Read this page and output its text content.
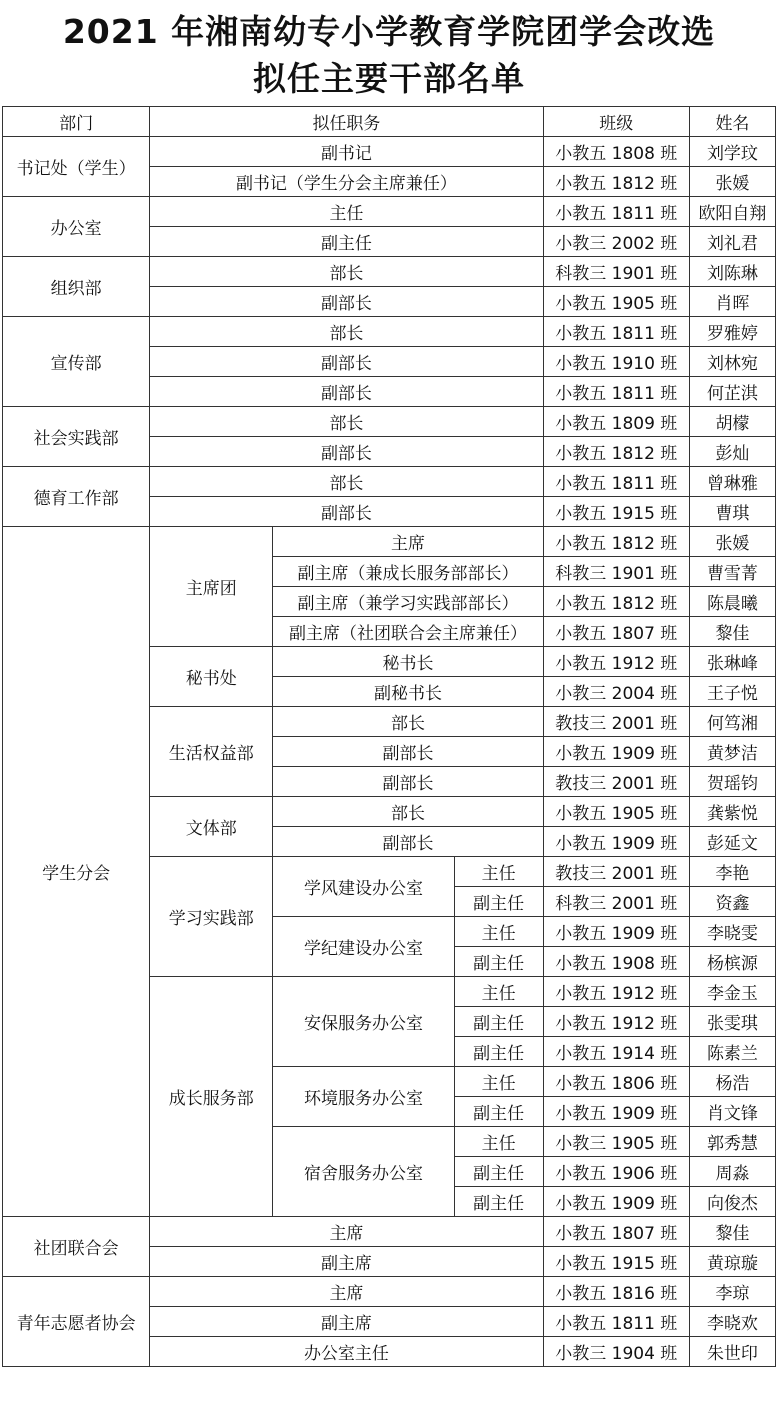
2021 年湘南幼专小学教育学院团学会改选
拟任主要干部名单
部门	拟任职务			班级	姓名
书记处（学生）	副书记			小教五 1808 班	刘学玟
	副书记（学生分会主席兼任）			小教五 1812 班	张媛
办公室	主任			小教五 1811 班	欧阳自翔
	副主任			小教三 2002 班	刘礼君
组织部	部长			科教三 1901 班	刘陈琳
	副部长			小教五 1905 班	肖晖
宣传部	部长			小教五 1811 班	罗雅婷
	副部长			小教五 1910 班	刘林宛
	副部长			小教五 1811 班	何芷淇
社会实践部	部长			小教五 1809 班	胡檬
	副部长			小教五 1812 班	彭灿
德育工作部	部长			小教五 1811 班	曾琳雅
	副部长			小教五 1915 班	曹琪
学生分会	主席团	主席		小教五 1812 班	张媛
		副主席（兼成长服务部部长）		科教三 1901 班	曹雪菁
		副主席（兼学习实践部部长）		小教五 1812 班	陈晨曦
		副主席（社团联合会主席兼任）		小教五 1807 班	黎佳
	秘书处	秘书长		小教五 1912 班	张琳峰
		副秘书长		小教三 2004 班	王子悦
	生活权益部	部长		教技三 2001 班	何笃湘
		副部长		小教五 1909 班	黄梦洁
		副部长		教技三 2001 班	贺瑶钧
	文体部	部长		小教五 1905 班	龚紫悦
		副部长		小教五 1909 班	彭延文
	学习实践部	学风建设办公室	主任	教技三 2001 班	李艳
			副主任	科教三 2001 班	资鑫
		学纪建设办公室	主任	小教五 1909 班	李晓雯
			副主任	小教五 1908 班	杨槟源
	成长服务部	安保服务办公室	主任	小教五 1912 班	李金玉
			副主任	小教五 1912 班	张雯琪
			副主任	小教五 1914 班	陈素兰
		环境服务办公室	主任	小教五 1806 班	杨浩
			副主任	小教五 1909 班	肖文锋
		宿舍服务办公室	主任	小教三 1905 班	郭秀慧
			副主任	小教五 1906 班	周淼
			副主任	小教五 1909 班	向俊杰
社团联合会	主席			小教五 1807 班	黎佳
	副主席			小教五 1915 班	黄琼璇
青年志愿者协会	主席			小教五 1816 班	李琼
	副主席			小教五 1811 班	李晓欢
	办公室主任			小教三 1904 班	朱世印
